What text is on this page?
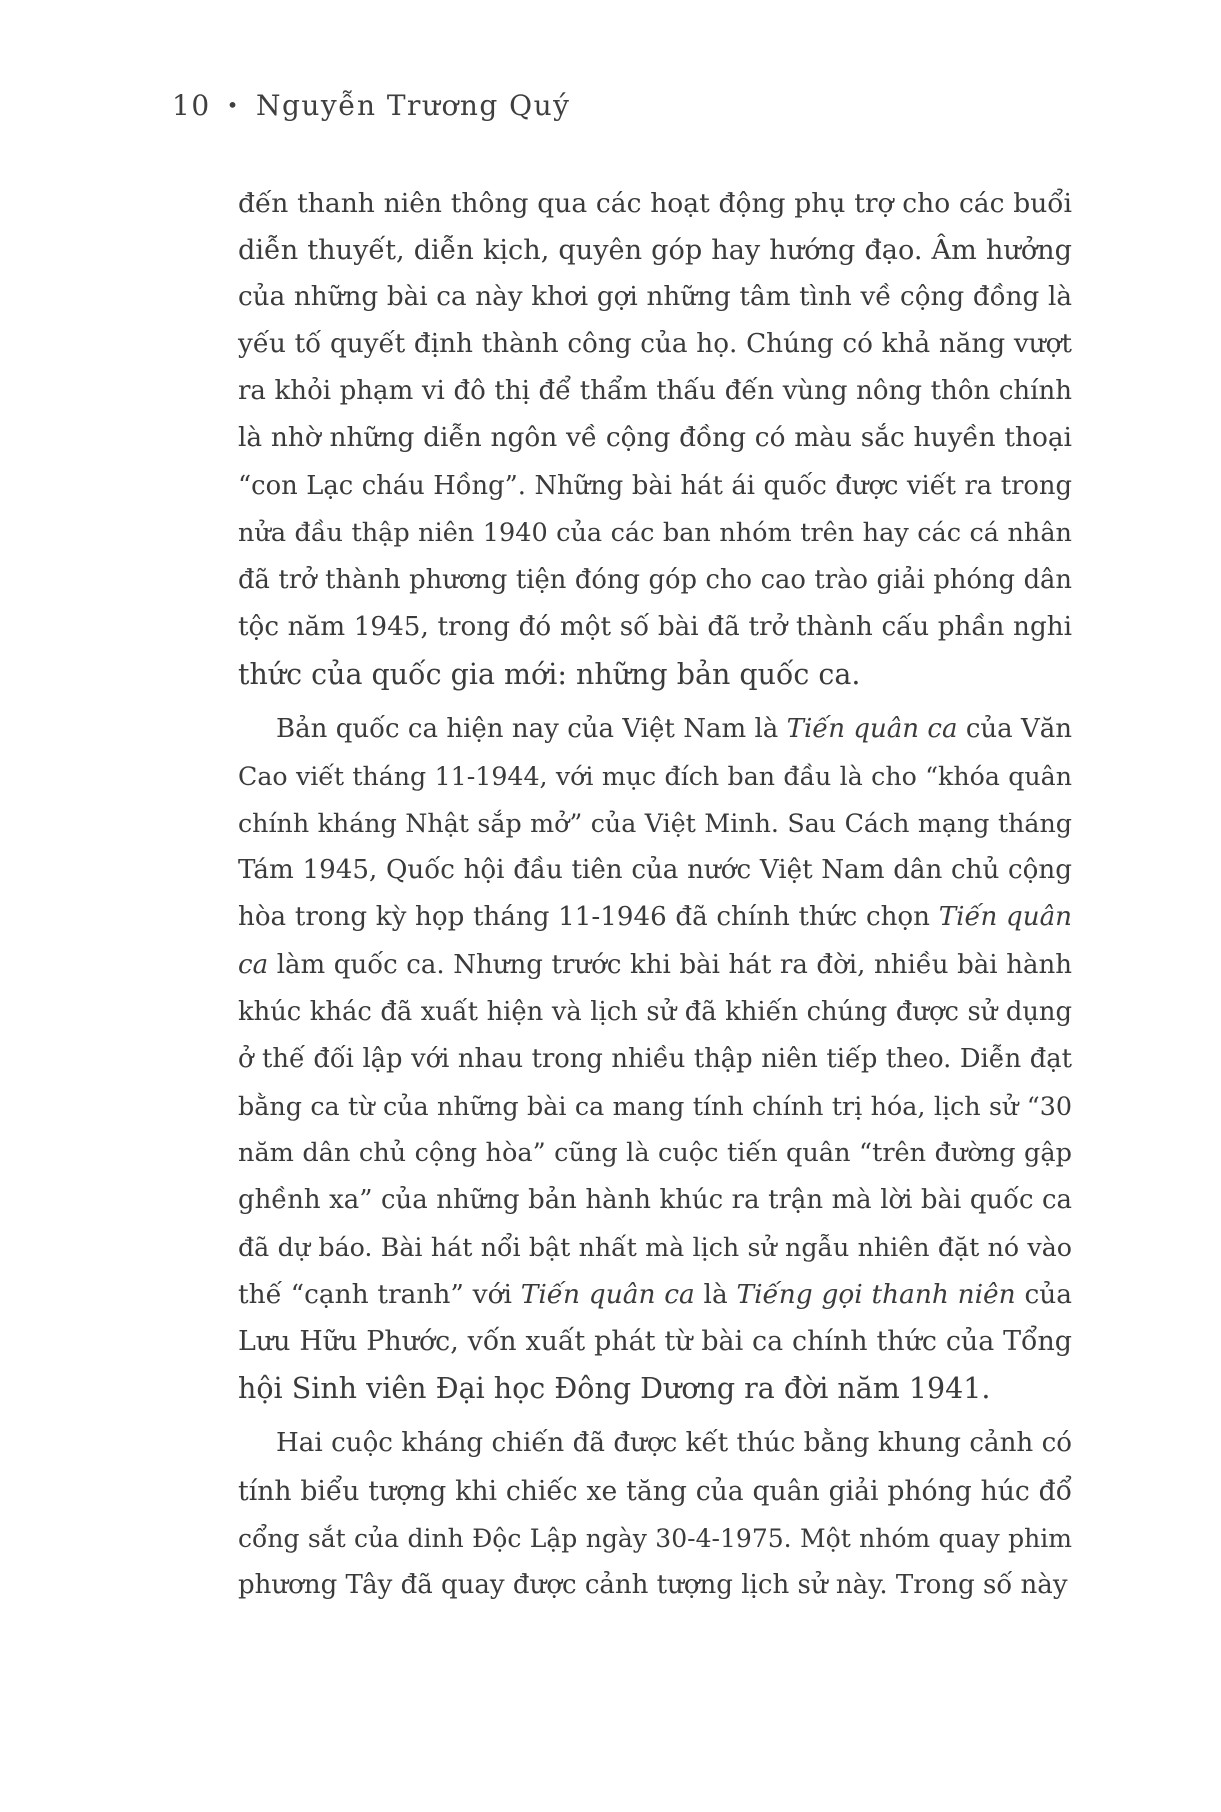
10 • Nguyễn Trương Quý
đến thanh niên thông qua các hoạt động phụ trợ cho các buổi
diễn thuyết, diễn kịch, quyên góp hay hướng đạo. Âm hưởng
của những bài ca này khơi gợi những tâm tình về cộng đồng là
yếu tố quyết định thành công của họ. Chúng có khả năng vượt
ra khỏi phạm vi đô thị để thẩm thấu đến vùng nông thôn chính
là nhờ những diễn ngôn về cộng đồng có màu sắc huyền thoại
“con Lạc cháu Hồng”. Những bài hát ái quốc được viết ra trong
nửa đầu thập niên 1940 của các ban nhóm trên hay các cá nhân
đã trở thành phương tiện đóng góp cho cao trào giải phóng dân
tộc năm 1945, trong đó một số bài đã trở thành cấu phần nghi
thức của quốc gia mới: những bản quốc ca.
Bản quốc ca hiện nay của Việt Nam là Tiến quân ca của Văn
Cao viết tháng 11-1944, với mục đích ban đầu là cho “khóa quân
chính kháng Nhật sắp mở” của Việt Minh. Sau Cách mạng tháng
Tám 1945, Quốc hội đầu tiên của nước Việt Nam dân chủ cộng
hòa trong kỳ họp tháng 11-1946 đã chính thức chọn Tiến quân
ca làm quốc ca. Nhưng trước khi bài hát ra đời, nhiều bài hành
khúc khác đã xuất hiện và lịch sử đã khiến chúng được sử dụng
ở thế đối lập với nhau trong nhiều thập niên tiếp theo. Diễn đạt
bằng ca từ của những bài ca mang tính chính trị hóa, lịch sử “30
năm dân chủ cộng hòa” cũng là cuộc tiến quân “trên đường gập
ghềnh xa” của những bản hành khúc ra trận mà lời bài quốc ca
đã dự báo. Bài hát nổi bật nhất mà lịch sử ngẫu nhiên đặt nó vào
thế “cạnh tranh” với Tiến quân ca là Tiếng gọi thanh niên của
Lưu Hữu Phước, vốn xuất phát từ bài ca chính thức của Tổng
hội Sinh viên Đại học Đông Dương ra đời năm 1941.
Hai cuộc kháng chiến đã được kết thúc bằng khung cảnh có
tính biểu tượng khi chiếc xe tăng của quân giải phóng húc đổ
cổng sắt của dinh Độc Lập ngày 30-4-1975. Một nhóm quay phim
phương Tây đã quay được cảnh tượng lịch sử này. Trong số này
